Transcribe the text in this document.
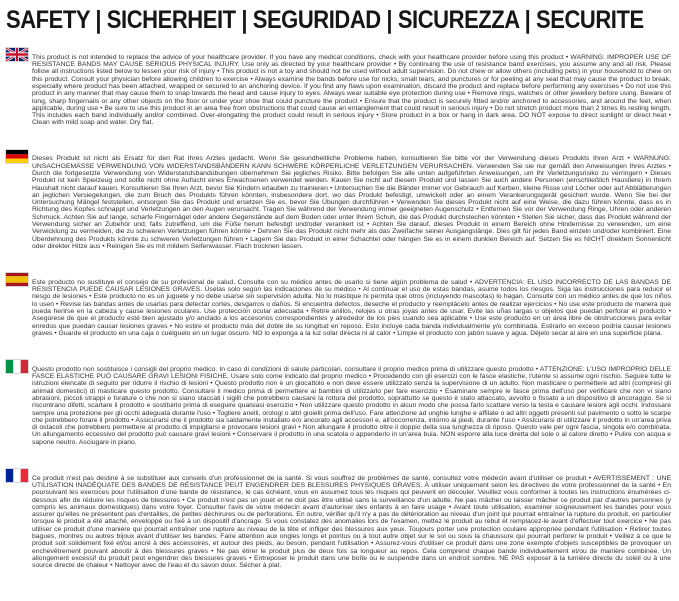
SAFETY | SICHERHEIT | SEGURIDAD | SICUREZZA | SECURITE

This product is not intended to replace the advice of your healthcare provider. If you have any medical conditions, check with your healthcare provider before using this product • WARNING: IMPROPER USE OF RESISTANCE BANDS MAY CAUSE SERIOUS PHYSICAL INJURY. Use only as directed by your healthcare provider • By continuing the use of resistance band exercises, you assume any and all risk. Please follow all instructions listed below to lessen your risk of injury • This product is not a toy and should not be used without adult supervision. Do not chew or allow others (including pets) in your household to chew on this product. Consult your physician before allowing children to exercise • Always examine the bands before use for nicks, small tears, and punctures or for peeling at any seal that may cause the product to break, especially where product has been attached, wrapped or secured to an anchoring device. If you find any flaws upon examination, discard the product and replace before performing any exercises • Do not use this product in any manner that may cause them to snap towards the head and cause injury to eyes. Always wear suitable eye protection during use • Remove rings, watches or other jewellery before using. Beware of long, sharp fingernails or any other objects on the floor or under your shoe that could puncture the product • Ensure that the product is securely fitted and/or anchored to accessories, and around the feet, when applicable, during use • Be sure to use this product in an area free from obstructions that could cause an entanglement that could result in serious injury • Do not stretch product more than 2 times its resting length. This includes each band individually and/or combined. Over-elongating the product could result in serious injury • Store product in a box or hang in dark area. DO NOT expose to direct sunlight or direct heat • Clean with mild soap and water. Dry flat.

Dieses Produkt ist nicht als Ersatz für den Rat Ihres Arztes gedacht. Wenn Sie gesundheitliche Probleme haben, konsultieren Sie bitte vor der Verwendung dieses Produkts Ihren Arzt • WARNUNG: UNSACHGEMÄSSE VERWENDUNG VON WIDERSTANDSBÄNDERN KANN SCHWERE KÖRPERLICHE VERLETZUNGEN VERURSACHEN. Verwenden Sie sie nur gemäß den Anweisungen Ihres Arztes • Durch die fortgesetzte Verwendung von Widerstandsbandübungen übernehmen Sie jegliches Risiko. Bitte befolgen Sie alle unten aufgeführten Anweisungen, um Ihr Verletzungsrisiko zu verringern • Dieses Produkt ist kein Spielzeug und sollte nicht ohne Aufsicht eines Erwachsenen verwendet werden. Kauen Sie nicht auf diesem Produkt und lassen Sie auch andere Personen (einschließlich Haustiere) in Ihrem Haushalt nicht darauf kauen. Konsultieren Sie Ihren Arzt, bevor Sie Kindern erlauben zu trainieren • Untersuchen Sie die Bänder immer vor Gebrauch auf Kerben, kleine Risse und Löcher oder auf Abblätterungen an jeglichen Versiegelungen, die zum Bruch des Produkts führen könnten, insbesondere dort, wo das Produkt befestigt, umwickelt oder an einem Verankerungsgerät gesichert wurde. Wenn Sie bei der Untersuchung Mängel feststellen, entsorgen Sie das Produkt und ersetzen Sie es, bevor Sie Übungen durchführen • Verwenden Sie dieses Produkt nicht auf eine Weise, die dazu führen könnte, dass es in Richtung des Kopfes schnappt und Verletzungen an den Augen verursacht. Tragen Sie während der Verwendung immer geeigneten Augenschutz • Entfernen Sie vor der Verwendung Ringe, Uhren oder anderen Schmuck. Achten Sie auf lange, scharfe Fingernägel oder andere Gegenstände auf dem Boden oder unter Ihrem Schuh, die das Produkt durchstechen könnten • Stellen Sie sicher, dass das Produkt während der Verwendung sicher an Zubehör und, falls zutreffend, um die Füße herum befestigt und/oder verankert ist • Achten Sie darauf, dieses Produkt in einem Bereich ohne Hindernisse zu verwenden, um eine Verwicklung zu vermeiden, die zu schweren Verletzungen führen könnte • Dehnen Sie das Produkt nicht mehr als das Zweifache seiner Ausgangslänge. Dies gilt für jedes Band einzeln und/oder kombiniert. Eine Überdehnung des Produkts könnte zu schweren Verletzungen führen • Lagern Sie das Produkt in einer Schachtel oder hängen Sie es in einem dunklen Bereich auf. Setzen Sie es NICHT direktem Sonnenlicht oder direkter Hitze aus • Reinigen Sie es mit mildem Seifenwasser. Flach trocknen lassen.

Este producto no sustituye el consejo de su profesional de salud. Consulte con su médico antes de usarlo si tiene algún problema de salud • ADVERTENCIA: EL USO INCORRECTO DE LAS BANDAS DE RESISTENCIA PUEDE CAUSAR LESIONES GRAVES. Úselas solo según las indicaciones de su médico • Al continuar el uso de estas bandas, asume todos los riesgos. Siga las instrucciones para reducir el riesgo de lesiones • Este producto no es un juguete y no debe usarse sin supervisión adulta. No lo mastique ni permita que otros (incluyendo mascotas) lo hagan. Consulte con un médico antes de que los niños lo usen • Revise las bandas antes de usarlas para detectar cortes, desgarros o daños. Si encuentra defectos, deseche el producto y reemplácelo antes de realizar ejercicios • No use este producto de manera que pueda herirse en la cabeza y cause lesiones oculares. Use protección ocular adecuada • Retire anillos, relojes u otras joyas antes de usar. Evite las uñas largas u objetos que puedan perforar el producto • Asegúrese de que el producto esté bien ajustado y/o anclado a los accesorios correspondientes y alrededor de los pies cuando sea aplicable • Use este producto en un área libre de obstrucciones para evitar enredos que puedan causar lesiones graves • No estire el producto más del doble de su longitud en reposo. Esto incluye cada banda individualmente y/o combinada. Estirarlo en exceso podría causar lesiones graves • Guarde el producto en una caja o cuélguelo en un lugar oscuro. NO lo exponga a la luz solar directa ni al calor • Limpie el producto con jabón suave y agua. Déjelo secar al aire en una superficie plana.

Questo prodotto non sostituisce i consigli del proprio medico. In caso di condizioni di salute particolari, consultare il proprio medico prima di utilizzare questo prodotto • ATTENZIONE: L'USO IMPROPRIO DELLE FASCE ELASTICHE PUÒ CAUSARE GRAVI LESIONI FISICHE. Usare solo come indicato dal proprio medico • Procedendo con gli esercizi con le fasce elastiche, l'utente si assume ogni rischio. Seguire tutte le istruzioni elencate di seguito per ridurre il rischio di lesioni • Questo prodotto non è un giocattolo e non deve essere utilizzato senza la supervisione di un adulto. Non masticare o permettere ad altri (compresi gli animali domestici) di masticare questo prodotto. Consultare il medico prima di permettere ai bambini di utilizzarlo per fare esercizio • Esaminare sempre le fasce prima dell'uso per verificare che non vi siano abrasioni, piccoli strappi e forature o che non si siano staccati i sigilli che potrebbero causare la rottura del prodotto, soprattutto se questo è stato attaccato, avvolto o fissato a un dispositivo di ancoraggio. Se si riscontrano difetti, scartare il prodotto e sostituirlo prima di eseguire qualsiasi esercizio • Non utilizzare questo prodotto in alcun modo che possa farlo scattare verso la testa e causare lesioni agli occhi. Indossare sempre una protezione per gli occhi adeguata durante l'uso • Togliere anelli, orologi o altri gioielli prima dell'uso. Fare attenzione ad unghie lunghe e affilate o ad altri oggetti presenti sul pavimento o sotto le scarpe che potrebbero forare il prodotto • Assicurarsi che il prodotto sia saldamente installato e/o ancorato agli accessori e, all'occorrenza, intorno ai piedi, durante l'uso • Assicurarsi di utilizzare il prodotto in un'area priva di ostacoli che potrebbero permettere al prodotto di impigliarsi e provocare lesioni gravi • Non allungare il prodotto oltre il doppio della sua lunghezza di riposo. Questo vale per ogni fascia, singola e/o combinata. Un allungamento eccessivo del prodotto può causare gravi lesioni • Conservare il prodotto in una scatola o appenderlo in un'area buia. NON esporre alla luce diretta del sole o al calore diretto • Pulire con acqua e sapone neutro. Asciugare in piano.

Ce produit n'est pas destiné à se substituer aux conseils d'un professionnel de la santé. Si vous souffrez de problèmes de santé, consultez votre médecin avant d'utiliser ce produit • AVERTISSEMENT : UNE UTILISATION INADÉQUATE DES BANDES DE RÉSISTANCE PEUT ENGENDRER DES BLESSURES PHYSIQUES GRAVES. À utiliser uniquement selon les directives de votre professionnel de la santé • En poursuivant les exercices pour l'utilisation d'une bande de résistance, le cas échéant, vous en assumez tous les risques qui peuvent en découler. Veuillez vous conformer à toutes les instructions énumérées ci-dessous afin de réduire les risques de blessures • Ce produit n'est pas un jouet et ne doit pas être utilisé sans la surveillance d'un adulte. Ne pas mâcher ou laisser mâcher ce produit par d'autres personnes (y compris les animaux domestiques) dans votre foyer. Consulter l'avis de votre médecin avant d'autoriser des enfants à en faire usage • Avant toute utilisation, examiner soigneusement les bandes pour vous assurer qu'elles ne présentent pas d'entailles, de petites déchirures ou de perforations. En outre, vérifier qu'il n'y a pas de détérioration au niveau d'un joint qui pourrait entraîner la rupture du produit, en particulier lorsque le produit a été attaché, enveloppé ou fixé à un dispositif d'ancrage. Si vous constatez des anomalies lors de l'examen, mettez le produit au rebut et remplacez-le avant d'effectuer tout exercice • Ne pas utiliser ce produit d'une manière qui pourrait entraîner une rupture au niveau de la tête et infliger des blessures aux yeux. Toujours porter une protection oculaire appropriée pendant l'utilisation • Retirer toutes bagues, montres ou autres bijoux avant d'utiliser les bandes. Faire attention aux ongles longs et pointus ou à tout autre objet sur le sol ou sous la chaussure qui pourrait perforer le produit • Veillez à ce que le produit soit solidement fixé et/ou ancré à des accessoires, et autour des pieds, au besoin, pendant l'utilisation • Assurez-vous d'utiliser ce produit dans une zone exempte d'objets susceptibles de provoquer un enchevêtrement pouvant aboutir à des blessures graves • Ne pas étirer le produit plus de deux fois sa longueur au repos. Cela comprend chaque bande individuellement et/ou de manière combinée. Un allongement excessif du produit peut engendrer des blessures graves • Entreposer le produit dans une boîte ou le suspendre dans un endroit sombre. NE PAS exposer à la lumière directe du soleil ou à une source directe de chaleur • Nettoyer avec de l'eau et du savon doux. Sécher à plat.
